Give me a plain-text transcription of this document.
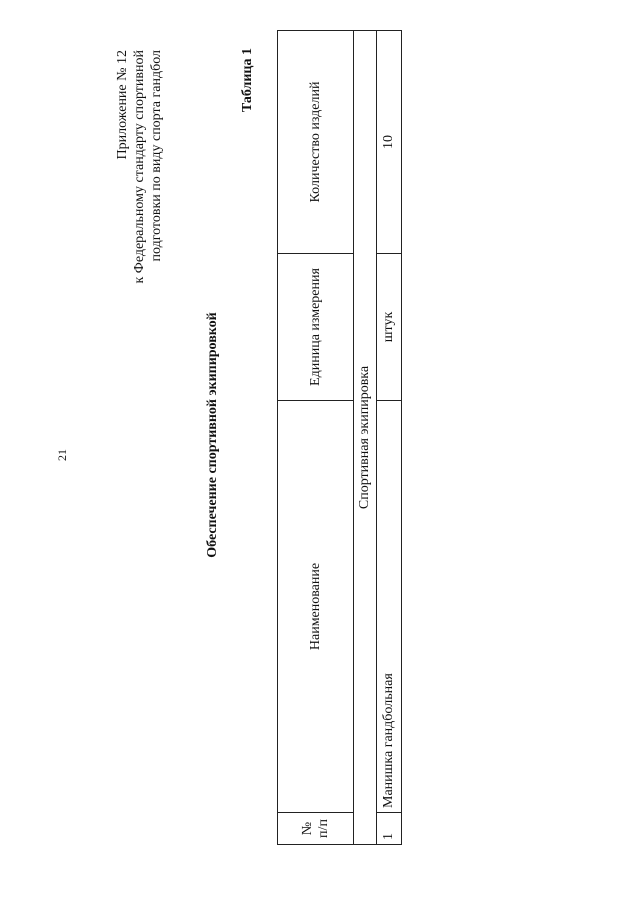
21
Приложение № 12 к Федеральному стандарту спортивной подготовки по виду спорта гандбол	Таблица 1
Обеспечение спортивной экипировкой
№ п/п	Наименование	Единица измерения	Количество изделий
Спортивная экипировка			
1	Манишка гандбольная	штук	10
